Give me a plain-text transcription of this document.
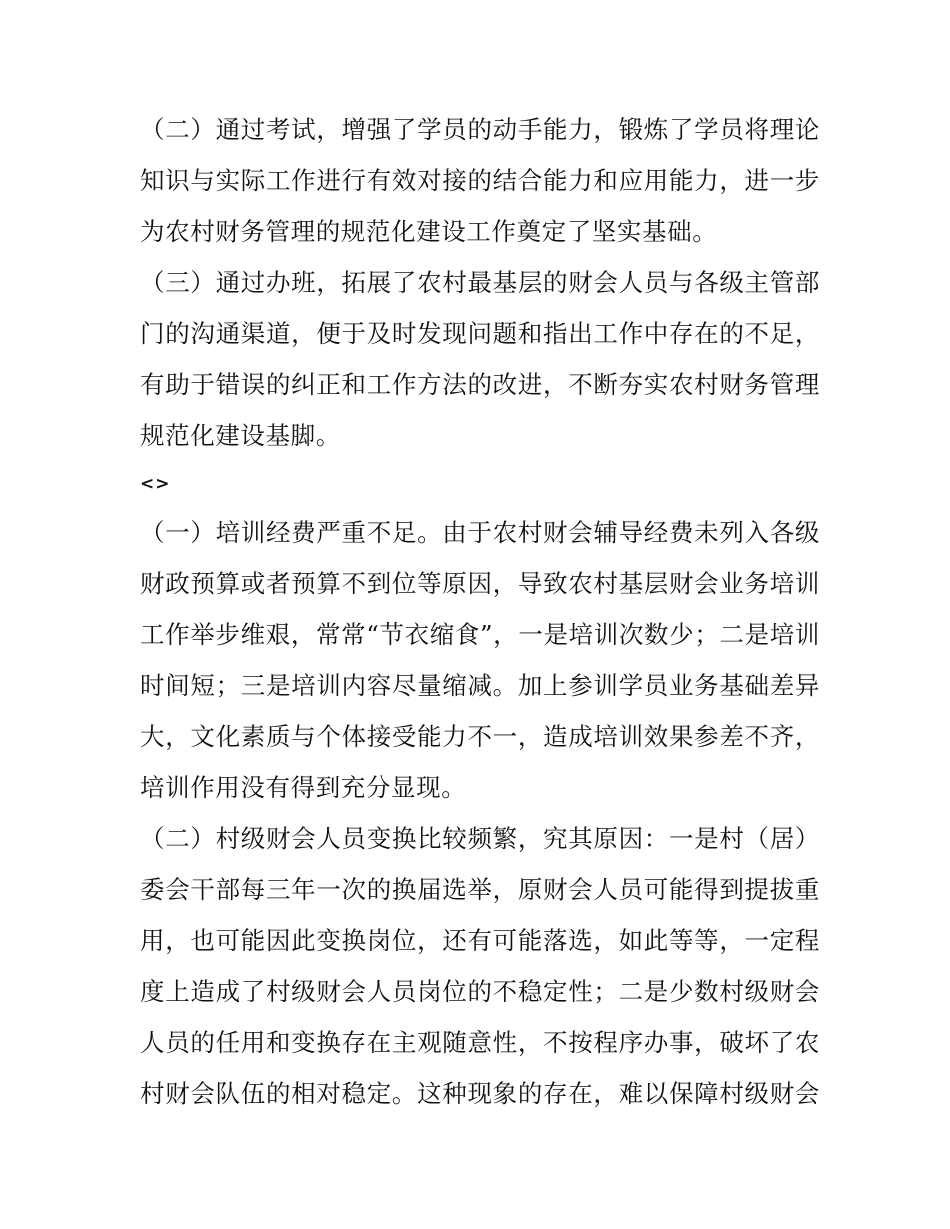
（二）通过考试，增强了学员的动手能力，锻炼了学员将理论
知识与实际工作进行有效对接的结合能力和应用能力，进一步
为农村财务管理的规范化建设工作奠定了坚实基础。
（三）通过办班，拓展了农村最基层的财会人员与各级主管部
门的沟通渠道，便于及时发现问题和指出工作中存在的不足，
有助于错误的纠正和工作方法的改进，不断夯实农村财务管理
规范化建设基脚。
<>
（一）培训经费严重不足。由于农村财会辅导经费未列入各级
财政预算或者预算不到位等原因，导致农村基层财会业务培训
工作举步维艰，常常“节衣缩食”，一是培训次数少；二是培训
时间短；三是培训内容尽量缩减。加上参训学员业务基础差异
大，文化素质与个体接受能力不一，造成培训效果参差不齐，
培训作用没有得到充分显现。
（二）村级财会人员变换比较频繁，究其原因：一是村（居）
委会干部每三年一次的换届选举，原财会人员可能得到提拔重
用，也可能因此变换岗位，还有可能落选，如此等等，一定程
度上造成了村级财会人员岗位的不稳定性；二是少数村级财会
人员的任用和变换存在主观随意性，不按程序办事，破坏了农
村财会队伍的相对稳定。这种现象的存在，难以保障村级财会
